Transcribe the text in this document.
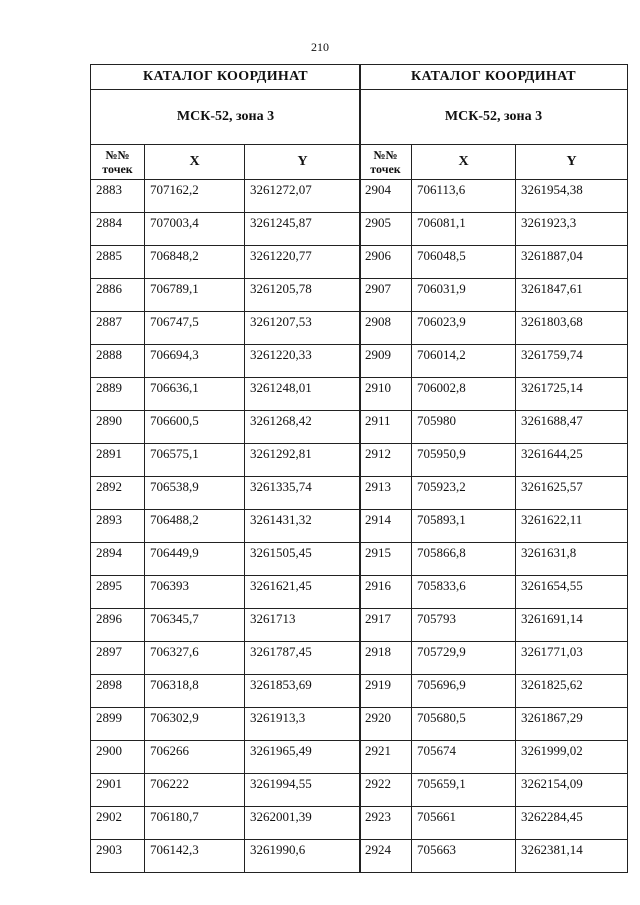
210
КАТАЛОГ КООРДИНАТ		
МСК-52, зона 3		

№№
точек	X	Y
2883	707162,2	3261272,07
2884	707003,4	3261245,87
2885	706848,2	3261220,77
2886	706789,1	3261205,78
2887	706747,5	3261207,53
2888	706694,3	3261220,33
2889	706636,1	3261248,01
2890	706600,5	3261268,42
2891	706575,1	3261292,81
2892	706538,9	3261335,74
2893	706488,2	3261431,32
2894	706449,9	3261505,45
2895	706393	3261621,45
2896	706345,7	3261713
2897	706327,6	3261787,45
2898	706318,8	3261853,69
2899	706302,9	3261913,3
2900	706266	3261965,49
2901	706222	3261994,55
2902	706180,7	3262001,39
2903	706142,3	3261990,6
КАТАЛОГ КООРДИНАТ		
МСК-52, зона 3		

№№
точек	X	Y
2904	706113,6	3261954,38
2905	706081,1	3261923,3
2906	706048,5	3261887,04
2907	706031,9	3261847,61
2908	706023,9	3261803,68
2909	706014,2	3261759,74
2910	706002,8	3261725,14
2911	705980	3261688,47
2912	705950,9	3261644,25
2913	705923,2	3261625,57
2914	705893,1	3261622,11
2915	705866,8	3261631,8
2916	705833,6	3261654,55
2917	705793	3261691,14
2918	705729,9	3261771,03
2919	705696,9	3261825,62
2920	705680,5	3261867,29
2921	705674	3261999,02
2922	705659,1	3262154,09
2923	705661	3262284,45
2924	705663	3262381,14
